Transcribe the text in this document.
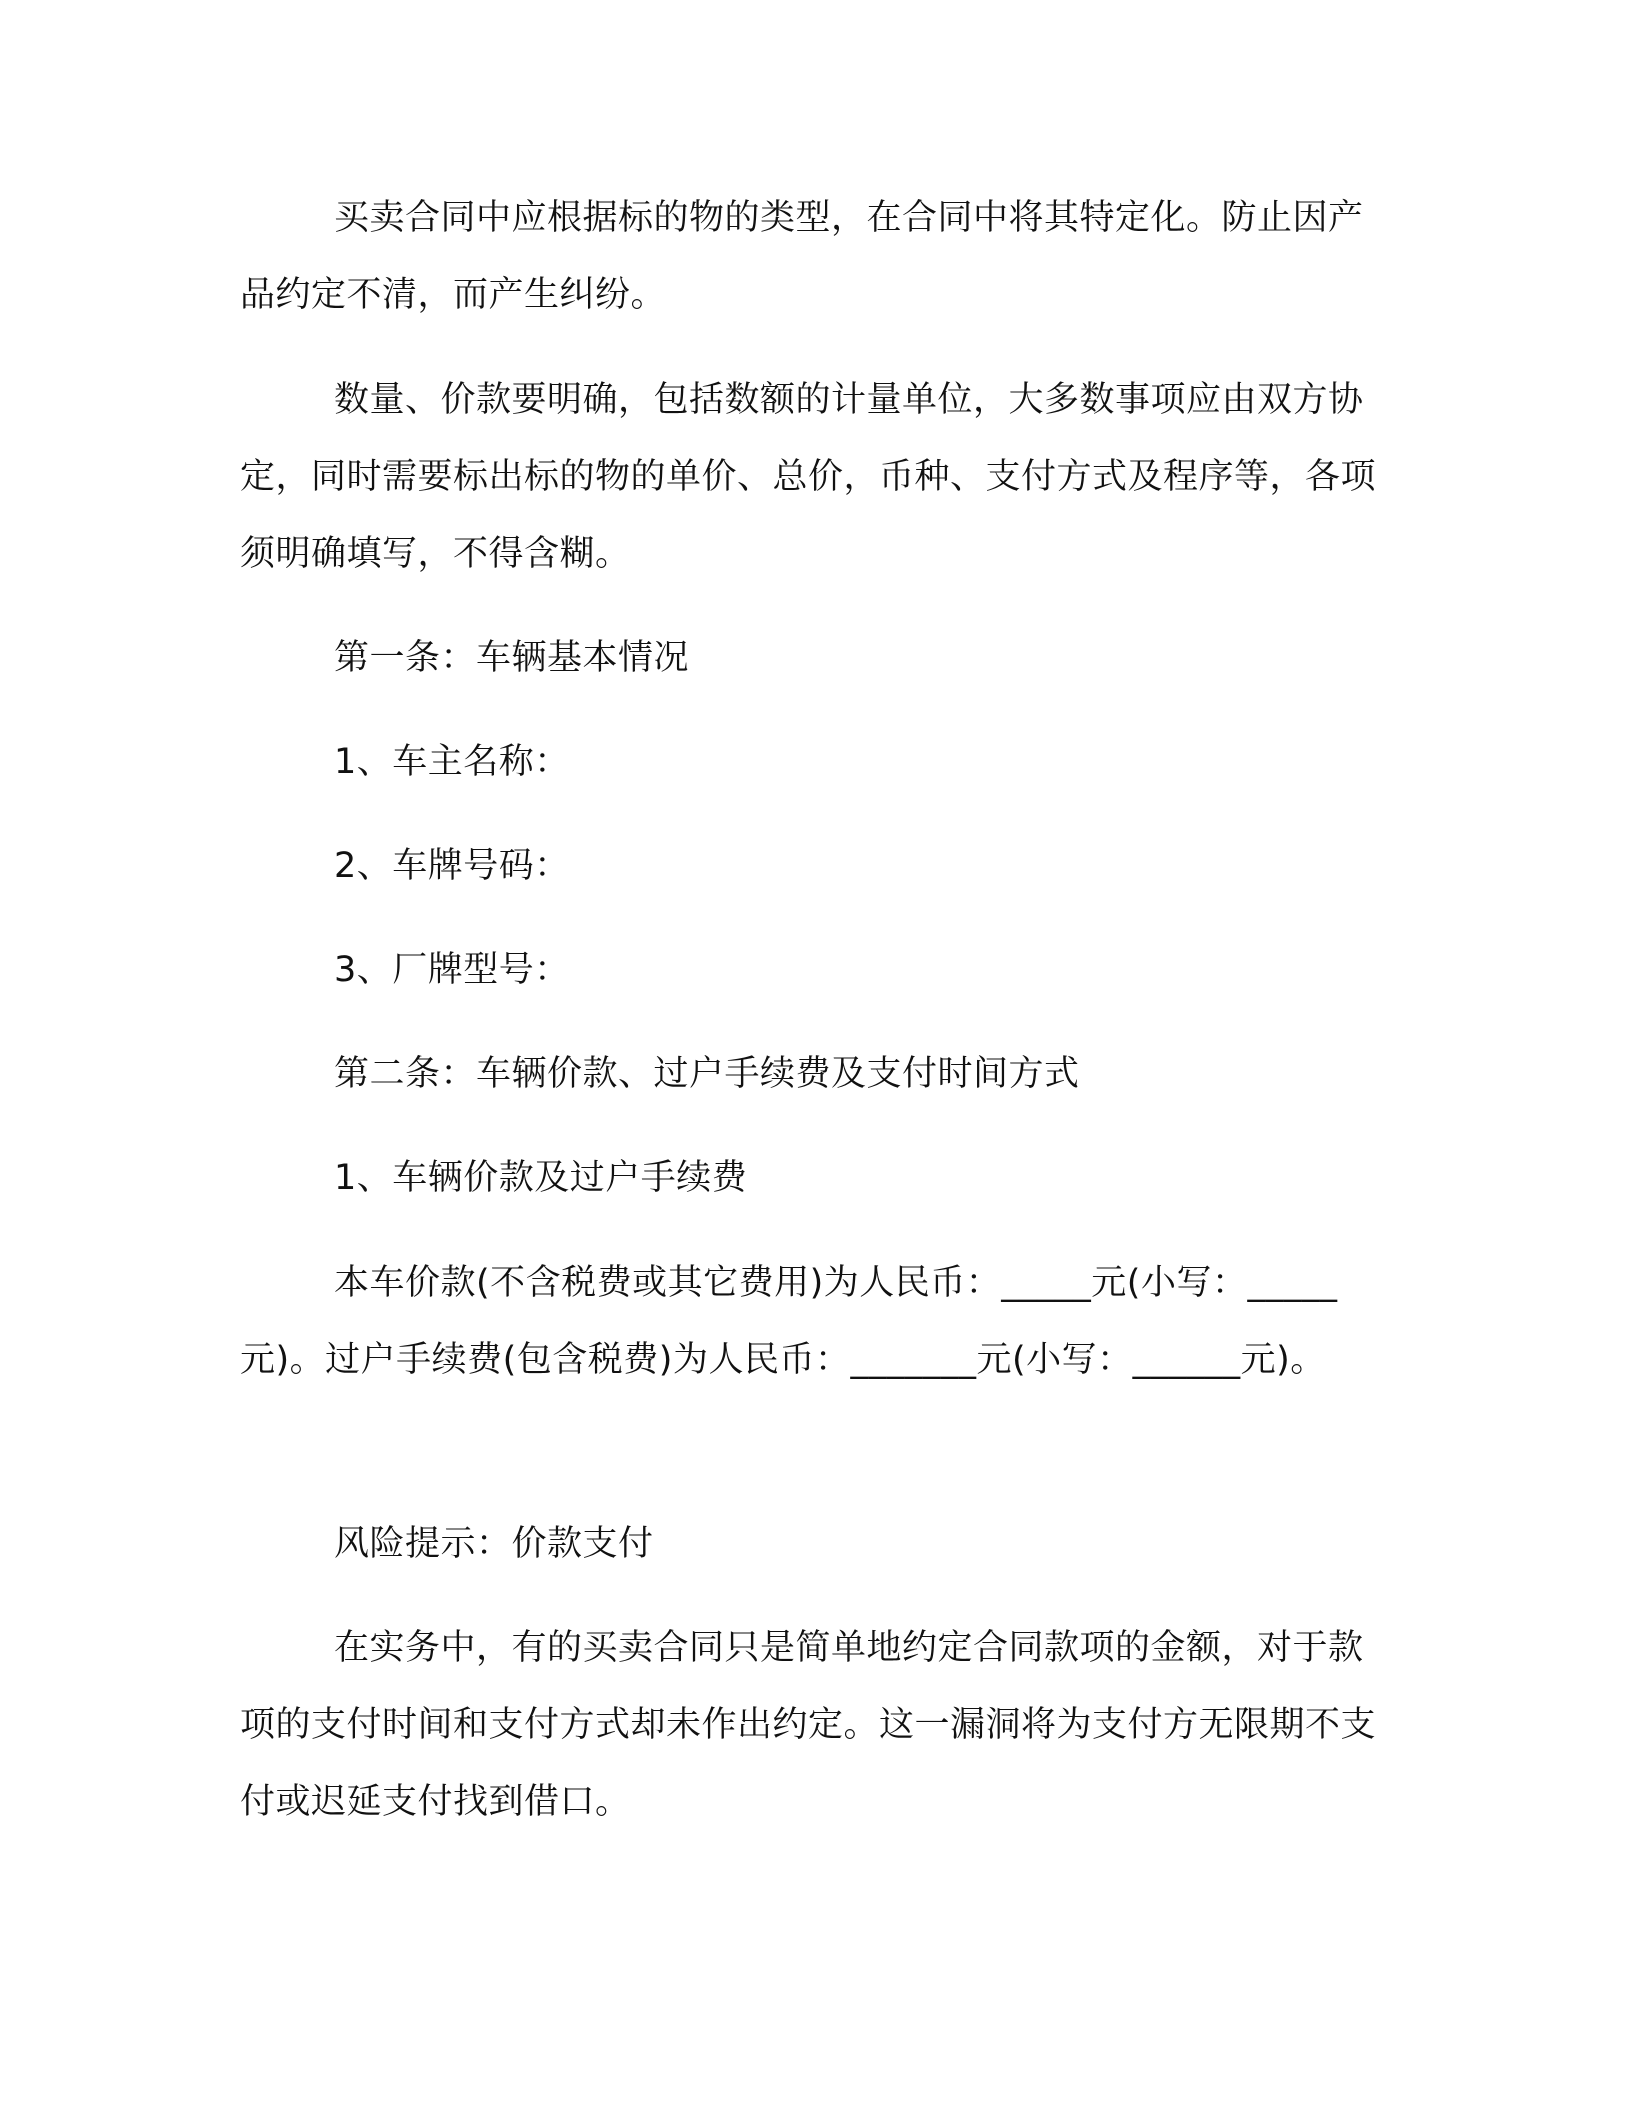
买卖合同中应根据标的物的类型，在合同中将其特定化。防止因产品约定不清，而产生纠纷。
数量、价款要明确，包括数额的计量单位，大多数事项应由双方协定，同时需要标出标的物的单价、总价，币种、支付方式及程序等，各项须明确填写，不得含糊。
第一条：车辆基本情况
1、车主名称：
2、车牌号码：
3、厂牌型号：
第二条：车辆价款、过户手续费及支付时间方式
1、车辆价款及过户手续费
本车价款(不含税费或其它费用)为人民币：_____元(小写：_____元)。过户手续费(包含税费)为人民币：_______元(小写：______元)。
风险提示：价款支付
在实务中，有的买卖合同只是简单地约定合同款项的金额，对于款项的支付时间和支付方式却未作出约定。这一漏洞将为支付方无限期不支付或迟延支付找到借口。
